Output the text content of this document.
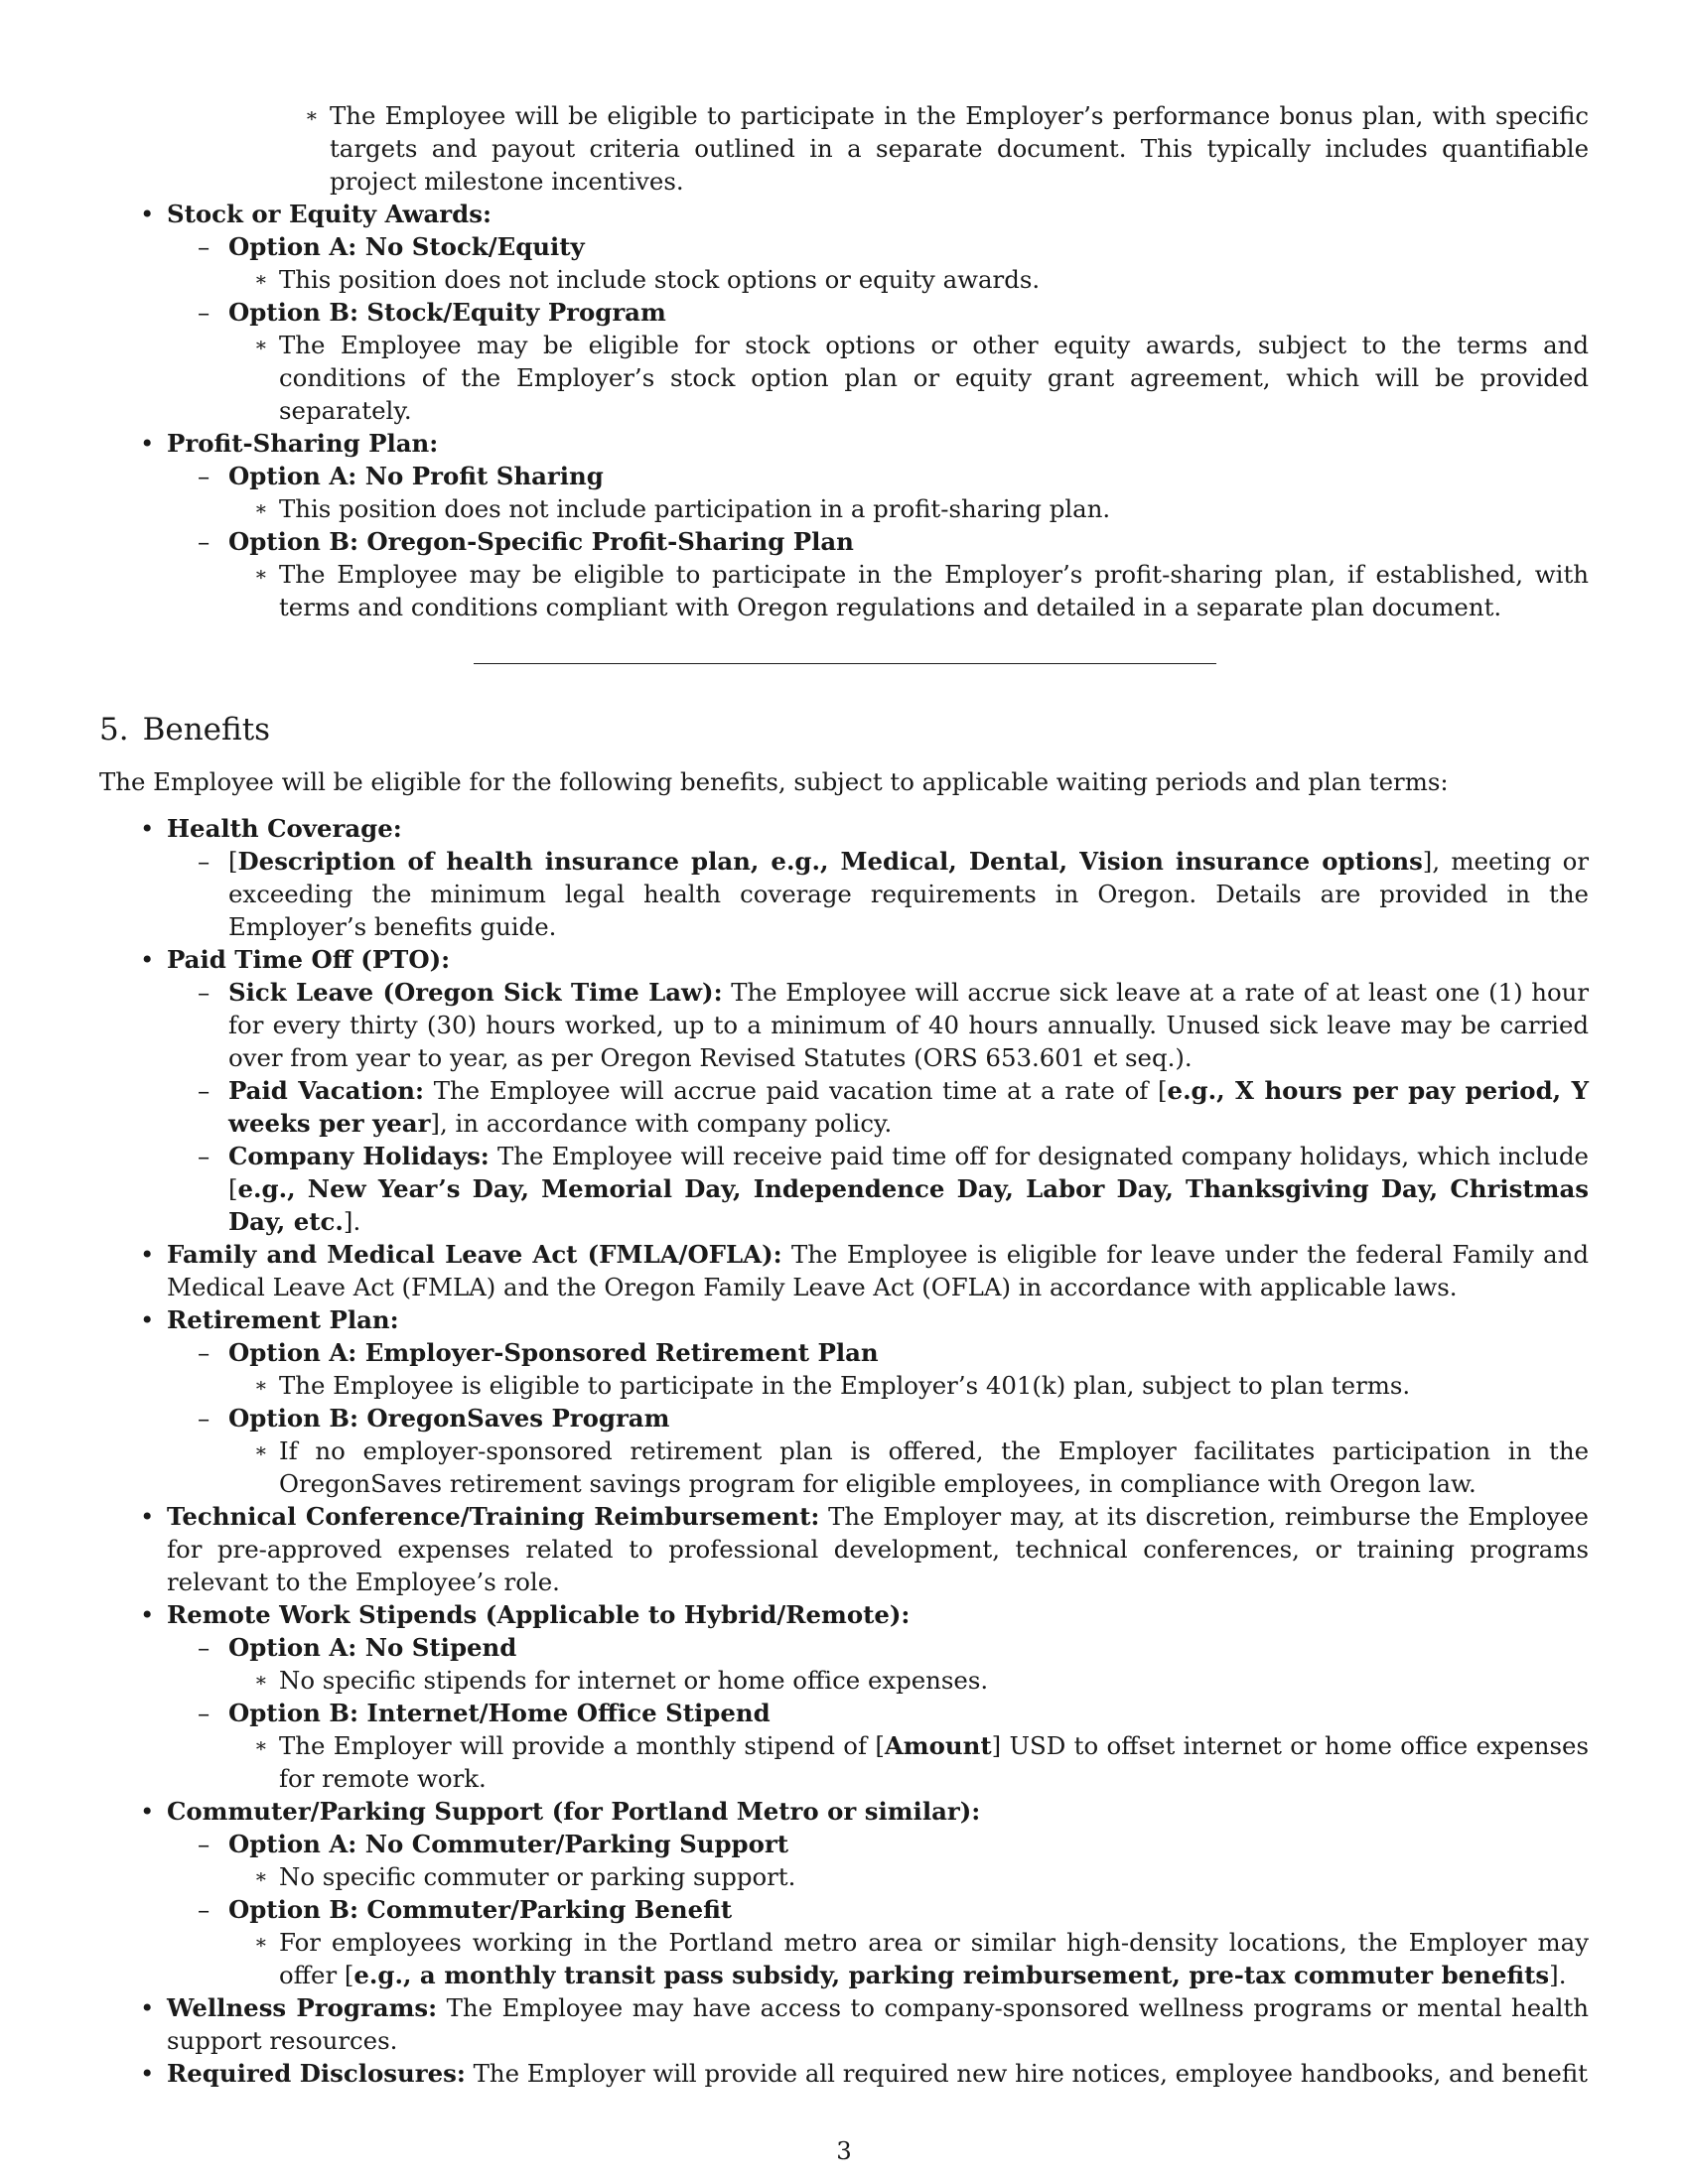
∗ The Employee will be eligible to participate in the Employer’s performance bonus plan, with specific targets and payout criteria outlined in a separate document. This typically includes quantifiable project milestone incentives.
• Stock or Equity Awards:
– Option A: No Stock/Equity
∗ This position does not include stock options or equity awards.
– Option B: Stock/Equity Program
∗ The Employee may be eligible for stock options or other equity awards, subject to the terms and conditions of the Employer’s stock option plan or equity grant agreement, which will be provided separately.
• Profit-Sharing Plan:
– Option A: No Profit Sharing
∗ This position does not include participation in a profit-sharing plan.
– Option B: Oregon-Specific Profit-Sharing Plan
∗ The Employee may be eligible to participate in the Employer’s profit-sharing plan, if established, with terms and conditions compliant with Oregon regulations and detailed in a separate plan document.
5. Benefits

The Employee will be eligible for the following benefits, subject to applicable waiting periods and plan terms:

• Health Coverage:
– [Description of health insurance plan, e.g., Medical, Dental, Vision insurance options], meeting or exceeding the minimum legal health coverage requirements in Oregon. Details are provided in the Employer’s benefits guide.
• Paid Time Off (PTO):
– Sick Leave (Oregon Sick Time Law): The Employee will accrue sick leave at a rate of at least one (1) hour for every thirty (30) hours worked, up to a minimum of 40 hours annually. Unused sick leave may be carried over from year to year, as per Oregon Revised Statutes (ORS 653.601 et seq.).
– Paid Vacation: The Employee will accrue paid vacation time at a rate of [e.g., X hours per pay period, Y weeks per year], in accordance with company policy.
– Company Holidays: The Employee will receive paid time off for designated company holidays, which include [e.g., New Year’s Day, Memorial Day, Independence Day, Labor Day, Thanksgiving Day, Christmas Day, etc.].
• Family and Medical Leave Act (FMLA/OFLA): The Employee is eligible for leave under the federal Family and Medical Leave Act (FMLA) and the Oregon Family Leave Act (OFLA) in accordance with applicable laws.
• Retirement Plan:
– Option A: Employer-Sponsored Retirement Plan
∗ The Employee is eligible to participate in the Employer’s 401(k) plan, subject to plan terms.
– Option B: OregonSaves Program
∗ If no employer-sponsored retirement plan is offered, the Employer facilitates participation in the OregonSaves retirement savings program for eligible employees, in compliance with Oregon law.
• Technical Conference/Training Reimbursement: The Employer may, at its discretion, reimburse the Employee for pre-approved expenses related to professional development, technical conferences, or training programs relevant to the Employee’s role.
• Remote Work Stipends (Applicable to Hybrid/Remote):
– Option A: No Stipend
∗ No specific stipends for internet or home office expenses.
– Option B: Internet/Home Office Stipend
∗ The Employer will provide a monthly stipend of [Amount] USD to offset internet or home office expenses for remote work.
• Commuter/Parking Support (for Portland Metro or similar):
– Option A: No Commuter/Parking Support
∗ No specific commuter or parking support.
– Option B: Commuter/Parking Benefit
∗ For employees working in the Portland metro area or similar high-density locations, the Employer may offer [e.g., a monthly transit pass subsidy, parking reimbursement, pre-tax commuter benefits].
• Wellness Programs: The Employee may have access to company-sponsored wellness programs or mental health support resources.
• Required Disclosures: The Employer will provide all required new hire notices, employee handbooks, and benefit
3
